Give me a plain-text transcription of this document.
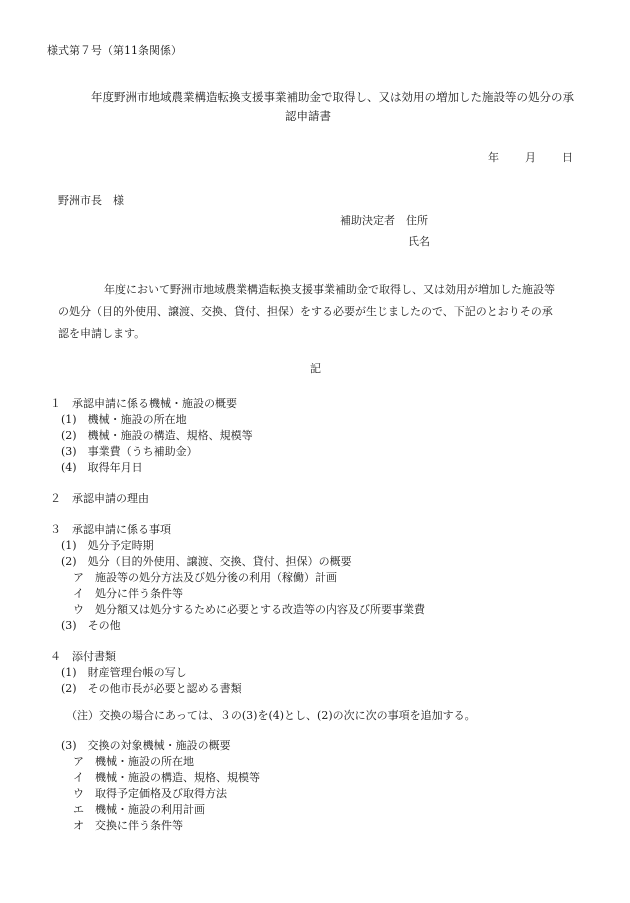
様式第７号（第11条関係）
年度野洲市地域農業構造転換支援事業補助金で取得し、又は効用の増加した施設等の処分の承
認申請書
年 月 日
野洲市長　様
補助決定者　住所
氏名
年度において野洲市地域農業構造転換支援事業補助金で取得し、又は効用が増加した施設等
の処分（目的外使用、譲渡、交換、貸付、担保）をする必要が生じましたので、下記のとおりその承
認を申請します。
記
１　承認申請に係る機械・施設の概要
(1)　機械・施設の所在地
(2)　機械・施設の構造、規格、規模等
(3)　事業費（うち補助金）
(4)　取得年月日
２　承認申請の理由
３　承認申請に係る事項
(1)　処分予定時期
(2)　処分（目的外使用、譲渡、交換、貸付、担保）の概要
ア　施設等の処分方法及び処分後の利用（稼働）計画
イ　処分に伴う条件等
ウ　処分額又は処分するために必要とする改造等の内容及び所要事業費
(3)　その他
４　添付書類
(1)　財産管理台帳の写し
(2)　その他市長が必要と認める書類
（注）交換の場合にあっては、３の(3)を(4)とし、(2)の次に次の事項を追加する。
(3)　交換の対象機械・施設の概要
ア　機械・施設の所在地
イ　機械・施設の構造、規格、規模等
ウ　取得予定価格及び取得方法
エ　機械・施設の利用計画
オ　交換に伴う条件等
